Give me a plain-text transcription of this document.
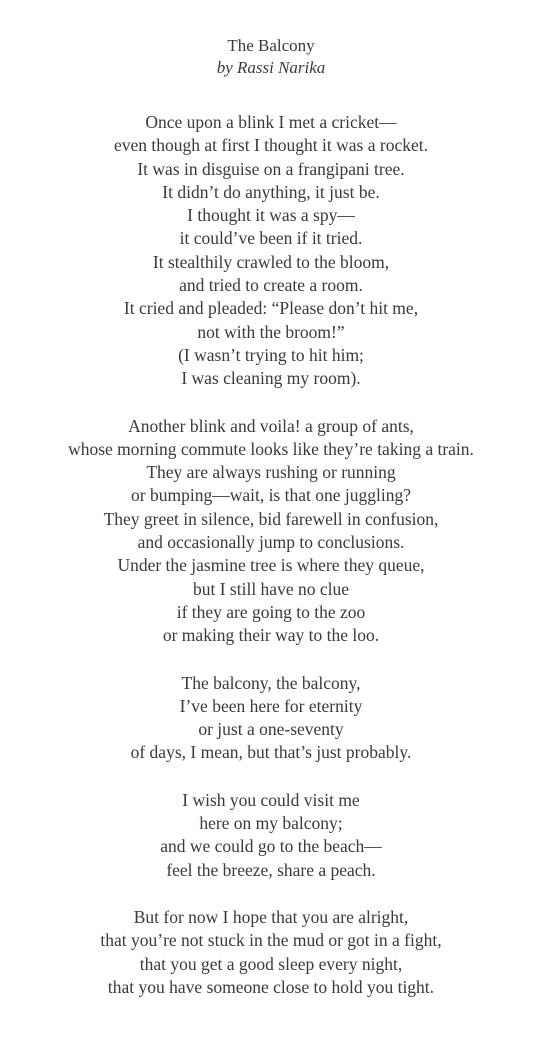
The Balcony
by Rassi Narika
Once upon a blink I met a cricket—
even though at first I thought it was a rocket.
It was in disguise on a frangipani tree.
It didn’t do anything, it just be.
I thought it was a spy—
it could’ve been if it tried.
It stealthily crawled to the bloom,
and tried to create a room.
It cried and pleaded: “Please don’t hit me,
not with the broom!”
(I wasn’t trying to hit him;
I was cleaning my room).
Another blink and voila! a group of ants,
whose morning commute looks like they’re taking a train.
They are always rushing or running
or bumping—wait, is that one juggling?
They greet in silence, bid farewell in confusion,
and occasionally jump to conclusions.
Under the jasmine tree is where they queue,
but I still have no clue
if they are going to the zoo
or making their way to the loo.
The balcony, the balcony,
I’ve been here for eternity
or just a one-seventy
of days, I mean, but that’s just probably.
I wish you could visit me
here on my balcony;
and we could go to the beach—
feel the breeze, share a peach.
But for now I hope that you are alright,
that you’re not stuck in the mud or got in a fight,
that you get a good sleep every night,
that you have someone close to hold you tight.
